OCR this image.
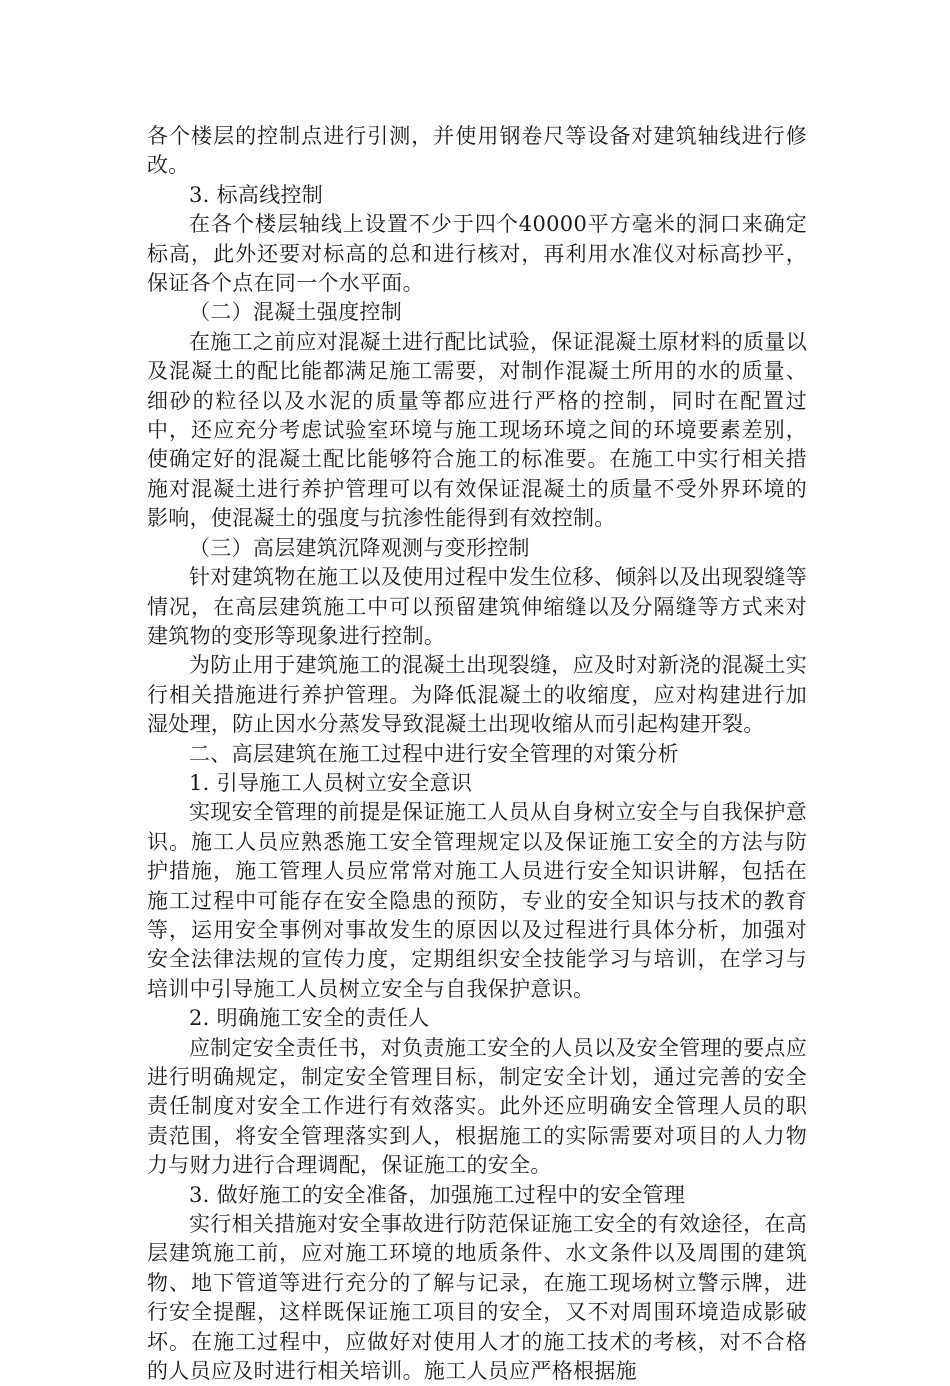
各个楼层的控制点进行引测，并使用钢卷尺等设备对建筑轴线进行修改。

3. 标高线控制

在各个楼层轴线上设置不少于四个40000平方毫米的洞口来确定标高，此外还要对标高的总和进行核对，再利用水准仪对标高抄平，保证各个点在同一个水平面。

（二）混凝土强度控制

在施工之前应对混凝土进行配比试验，保证混凝土原材料的质量以及混凝土的配比能都满足施工需要，对制作混凝土所用的水的质量、细砂的粒径以及水泥的质量等都应进行严格的控制，同时在配置过中，还应充分考虑试验室环境与施工现场环境之间的环境要素差别，使确定好的混凝土配比能够符合施工的标准要。在施工中实行相关措施对混凝土进行养护管理可以有效保证混凝土的质量不受外界环境的影响，使混凝土的强度与抗渗性能得到有效控制。

（三）高层建筑沉降观测与变形控制

针对建筑物在施工以及使用过程中发生位移、倾斜以及出现裂缝等情况，在高层建筑施工中可以预留建筑伸缩缝以及分隔缝等方式来对建筑物的变形等现象进行控制。

为防止用于建筑施工的混凝土出现裂缝，应及时对新浇的混凝土实行相关措施进行养护管理。为降低混凝土的收缩度，应对构建进行加湿处理，防止因水分蒸发导致混凝土出现收缩从而引起构建开裂。

二、高层建筑在施工过程中进行安全管理的对策分析

1. 引导施工人员树立安全意识

实现安全管理的前提是保证施工人员从自身树立安全与自我保护意识。施工人员应熟悉施工安全管理规定以及保证施工安全的方法与防护措施，施工管理人员应常常对施工人员进行安全知识讲解，包括在施工过程中可能存在安全隐患的预防，专业的安全知识与技术的教育等，运用安全事例对事故发生的原因以及过程进行具体分析，加强对安全法律法规的宣传力度，定期组织安全技能学习与培训，在学习与培训中引导施工人员树立安全与自我保护意识。

2. 明确施工安全的责任人

应制定安全责任书，对负责施工安全的人员以及安全管理的要点应进行明确规定，制定安全管理目标，制定安全计划，通过完善的安全责任制度对安全工作进行有效落实。此外还应明确安全管理人员的职责范围，将安全管理落实到人，根据施工的实际需要对项目的人力物力与财力进行合理调配，保证施工的安全。

3. 做好施工的安全准备，加强施工过程中的安全管理

实行相关措施对安全事故进行防范保证施工安全的有效途径，在高层建筑施工前，应对施工环境的地质条件、水文条件以及周围的建筑物、地下管道等进行充分的了解与记录，在施工现场树立警示牌，进行安全提醒，这样既保证施工项目的安全，又不对周围环境造成影破坏。在施工过程中，应做好对使用人才的施工技术的考核，对不合格的人员应及时进行相关培训。施工人员应严格根据施
